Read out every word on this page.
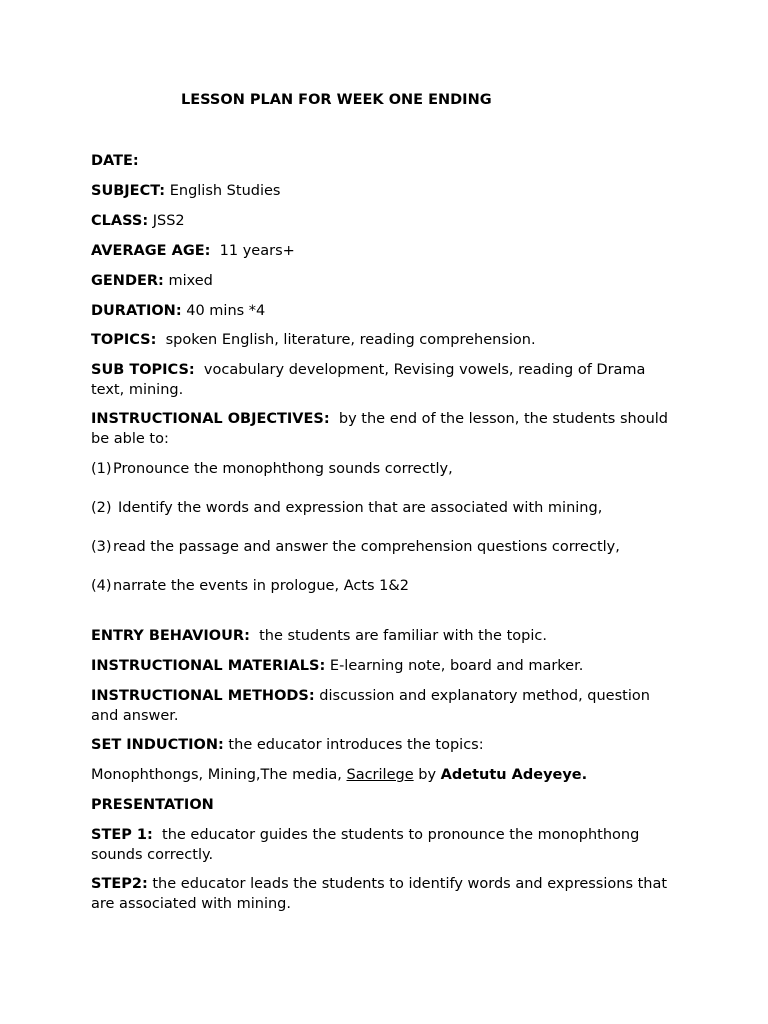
LESSON PLAN FOR WEEK ONE ENDING
DATE:
SUBJECT: English Studies
CLASS: JSS2
AVERAGE AGE:  11 years+
GENDER: mixed
DURATION: 40 mins *4
TOPICS:  spoken English, literature, reading comprehension.
SUB TOPICS:  vocabulary development, Revising vowels, reading of Drama text, mining.
INSTRUCTIONAL OBJECTIVES:  by the end of the lesson, the students should be able to:
(1)Pronounce the monophthong sounds correctly,
(2) Identify the words and expression that are associated with mining,
(3)read the passage and answer the comprehension questions correctly,
(4)narrate the events in prologue, Acts 1&2
ENTRY BEHAVIOUR:  the students are familiar with the topic.
INSTRUCTIONAL MATERIALS: E-learning note, board and marker.
INSTRUCTIONAL METHODS: discussion and explanatory method, question and answer.
SET INDUCTION: the educator introduces the topics:
Monophthongs, Mining,The media, Sacrilege by Adetutu Adeyeye.
PRESENTATION
STEP 1:  the educator guides the students to pronounce the monophthong sounds correctly.
STEP2: the educator leads the students to identify words and expressions that are associated with mining.
